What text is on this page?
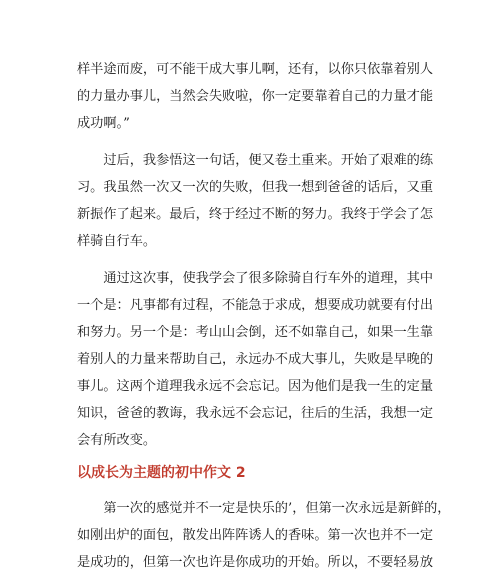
样半途而废，可不能干成大事儿啊，还有，以你只依靠着别人
的力量办事儿，当然会失败啦，你一定要靠着自己的力量才能
成功啊。”
　　过后，我参悟这一句话，便又卷土重来。开始了艰难的练
习。我虽然一次又一次的失败，但我一想到爸爸的话后，又重
新振作了起来。最后，终于经过不断的努力。我终于学会了怎
样骑自行车。
　　通过这次事，使我学会了很多除骑自行车外的道理，其中
一个是：凡事都有过程，不能急于求成，想要成功就要有付出
和努力。另一个是：考山山会倒，还不如靠自己，如果一生靠
着别人的力量来帮助自己，永远办不成大事儿，失败是早晚的
事儿。这两个道理我永远不会忘记。因为他们是我一生的定量
知识，爸爸的教诲，我永远不会忘记，往后的生活，我想一定
会有所改变。
以成长为主题的初中作文 2
　　第一次的感觉并不一定是快乐的’，但第一次永远是新鲜的，
如刚出炉的面包，散发出阵阵诱人的香味。第一次也并不一定
是成功的，但第一次也许是你成功的开始。所以，不要轻易放
